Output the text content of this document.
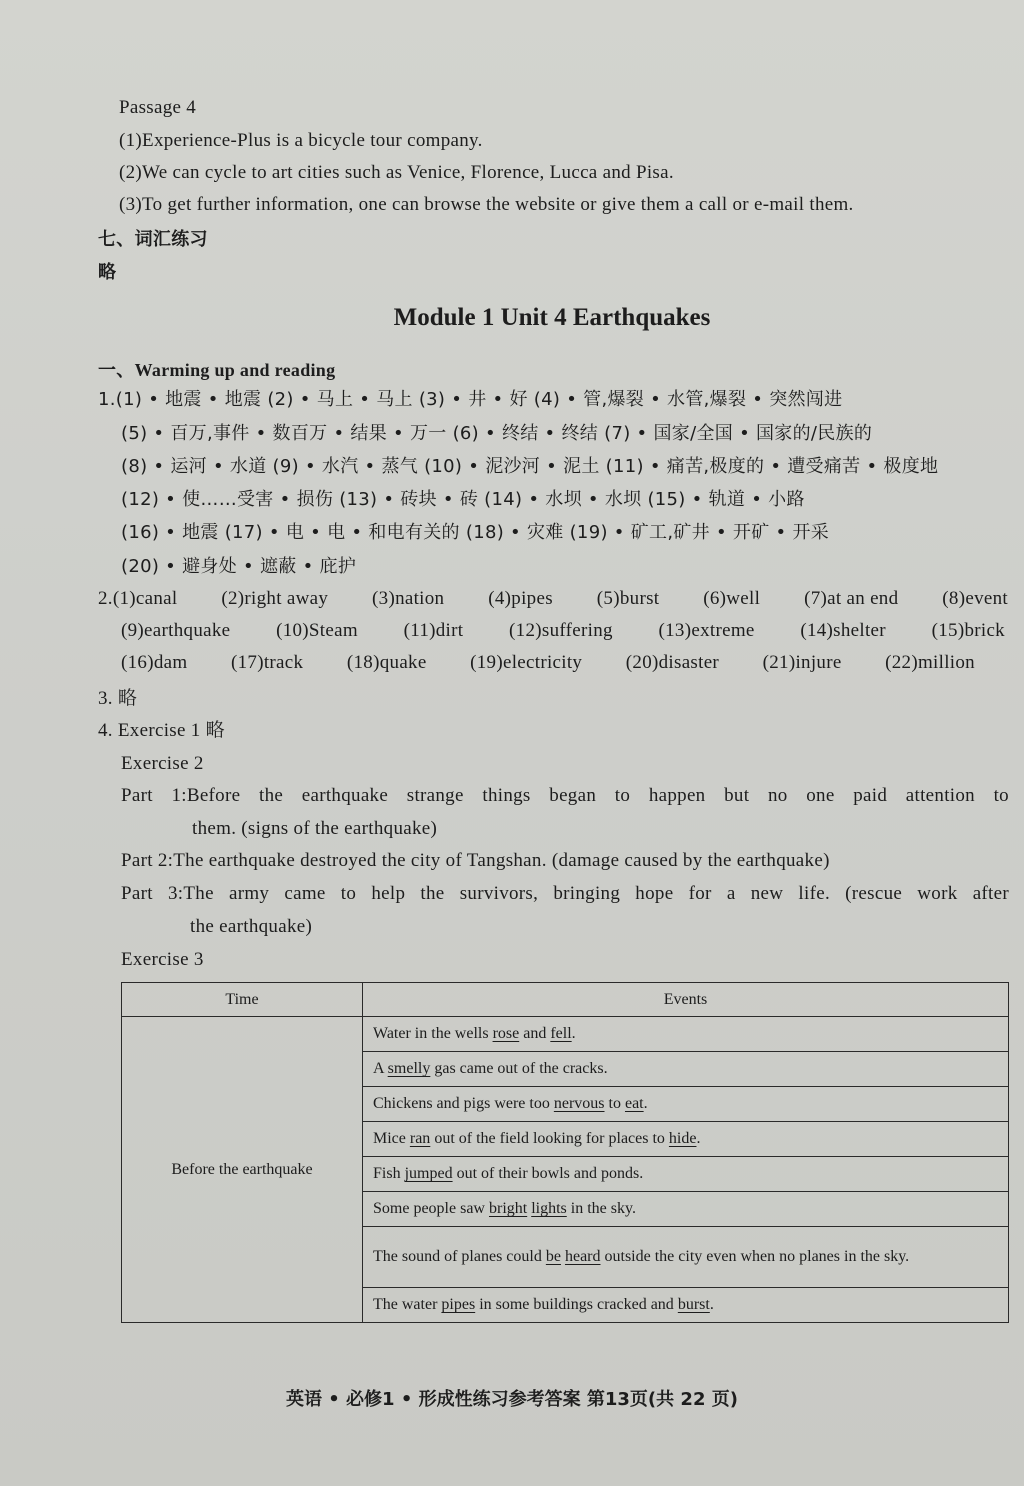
Passage 4
(1)Experience-Plus is a bicycle tour company.
(2)We can cycle to art cities such as Venice, Florence, Lucca and Pisa.
(3)To get further information, one can browse the website or give them a call or e-mail them.
七、词汇练习
略
Module 1 Unit 4 Earthquakes
一、Warming up and reading
1.(1) • 地震 • 地震 (2) • 马上 • 马上 (3) • 井 • 好 (4) • 管,爆裂 • 水管,爆裂 • 突然闯进
(5) • 百万,事件 • 数百万 • 结果 • 万一 (6) • 终结 • 终结 (7) • 国家/全国 • 国家的/民族的
(8) • 运河 • 水道 (9) • 水汽 • 蒸气 (10) • 泥沙河 • 泥土 (11) • 痛苦,极度的 • 遭受痛苦 • 极度地
(12) • 使……受害 • 损伤 (13) • 砖块 • 砖 (14) • 水坝 • 水坝 (15) • 轨道 • 小路
(16) • 地震 (17) • 电 • 电 • 和电有关的 (18) • 灾难 (19) • 矿工,矿井 • 开矿 • 开采
(20) • 避身处 • 遮蔽 • 庇护
2.(1)canal (2)right away (3)nation (4)pipes (5)burst (6)well (7)at an end (8)event
(9)earthquake (10)Steam (11)dirt (12)suffering (13)extreme (14)shelter (15)brick
(16)dam (17)track (18)quake (19)electricity (20)disaster (21)injure (22)million
3. 略
4. Exercise 1 略
Exercise 2
Part 1:Before the earthquake strange things began to happen but no one paid attention to
them. (signs of the earthquake)
Part 2:The earthquake destroyed the city of Tangshan. (damage caused by the earthquake)
Part 3:The army came to help the survivors, bringing hope for a new life. (rescue work after
the earthquake)
Exercise 3
Time	Events
Before the earthquake	Water in the wells rose and fell.
	A smelly gas came out of the cracks.
	Chickens and pigs were too nervous to eat.
	Mice ran out of the field looking for places to hide.
	Fish jumped out of their bowls and ponds.
	Some people saw bright lights in the sky.
	The sound of planes could be heard outside the city even when no planes in the sky.
	The water pipes in some buildings cracked and burst.
英语 • 必修1 • 形成性练习参考答案 第13页(共 22 页)
